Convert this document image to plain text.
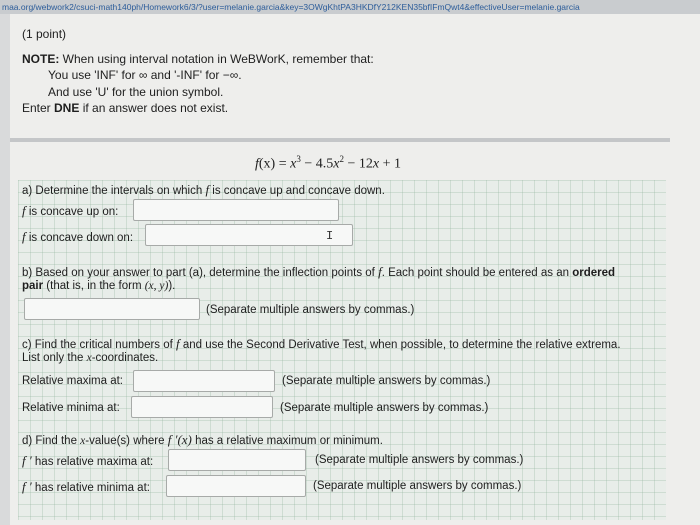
maa.org/webwork2/csuci-math140ph/Homework6/3/?user=melanie.garcia&key=3OWgKhtPA3HKDfY212KEN35bfIFmQwt4&effectiveUser=melanie.garcia
(1 point)
NOTE: When using interval notation in WeBWorK, remember that:
You use 'INF' for ∞ and '-INF' for −∞.
And use 'U' for the union symbol.
Enter DNE if an answer does not exist.
$f(x) = x^3 - 4.5x^2 - 12x + 1$
a) Determine the intervals on which f is concave up and concave down.
f is concave up on:
f is concave down on:	I
b) Based on your answer to part (a), determine the inflection points of f. Each point should be entered as an ordered
pair (that is, in the form (x, y)).
(Separate multiple answers by commas.)
c) Find the critical numbers of f and use the Second Derivative Test, when possible, to determine the relative extrema.
List only the x-coordinates.
Relative maxima at:	(Separate multiple answers by commas.)
Relative minima at:	(Separate multiple answers by commas.)
d) Find the x-value(s) where f ′(x) has a relative maximum or minimum.
f ′ has relative maxima at:	(Separate multiple answers by commas.)
f ′ has relative minima at:	(Separate multiple answers by commas.)
